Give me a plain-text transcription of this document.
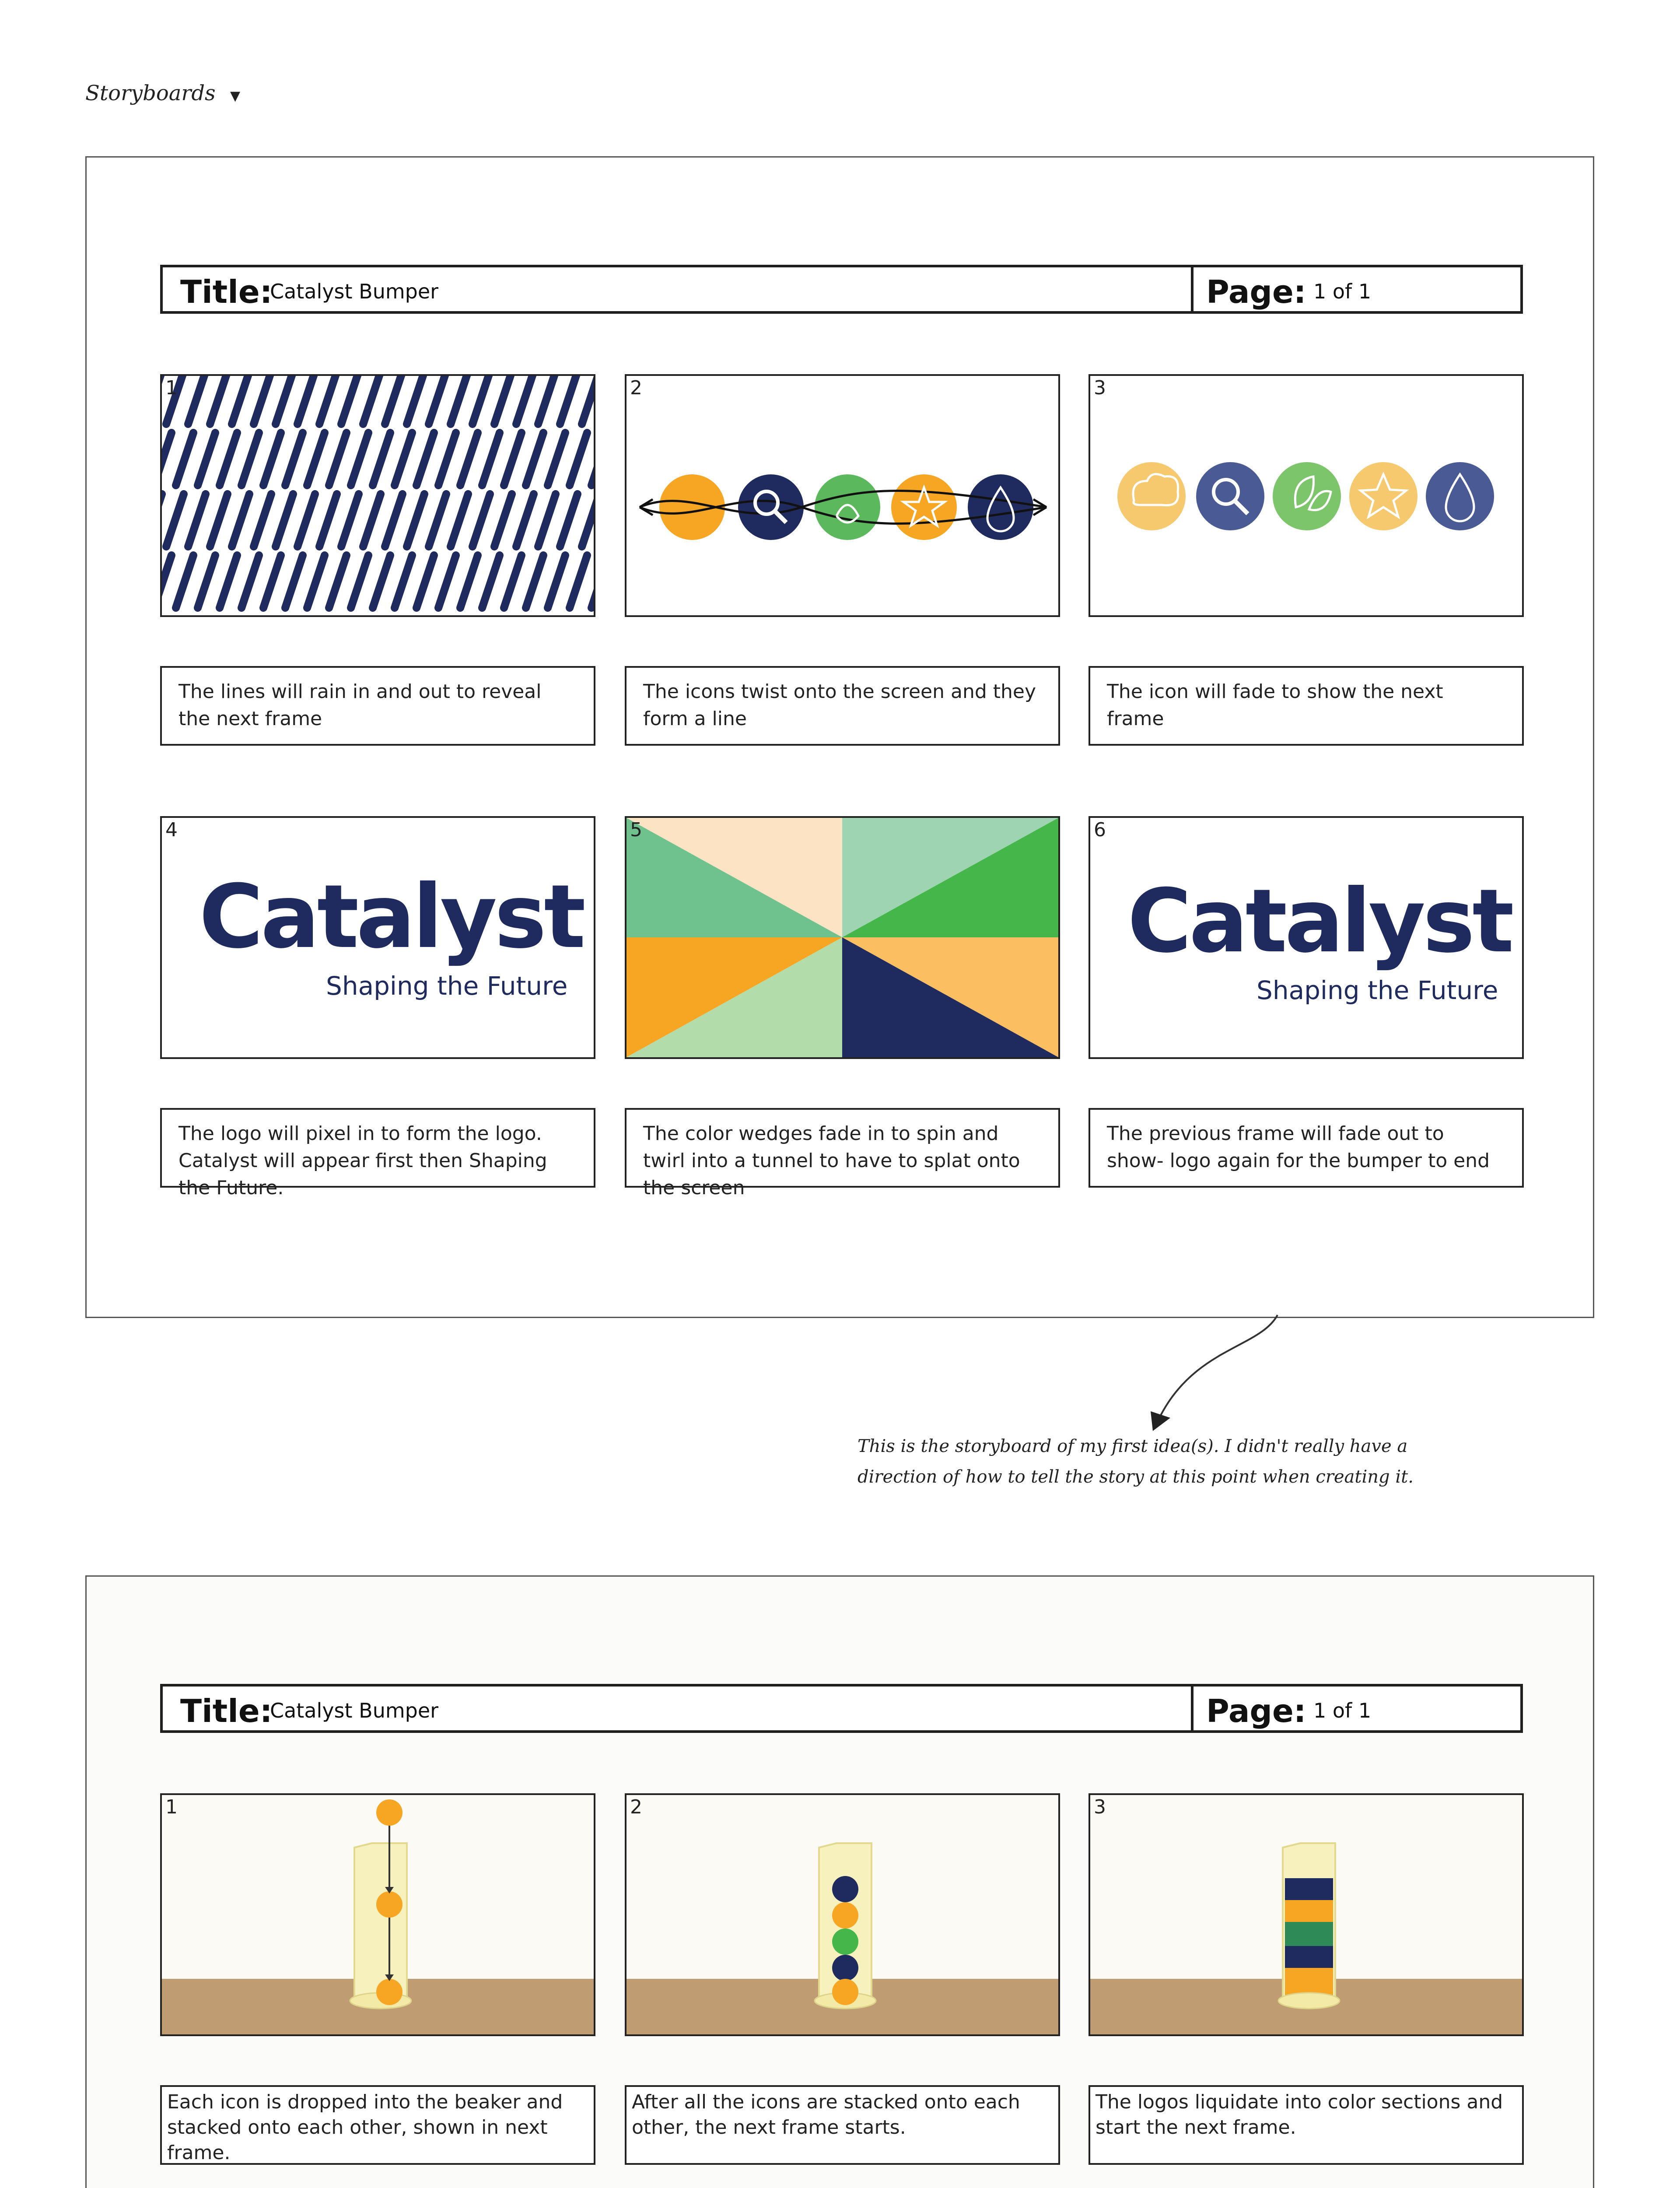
Storyboards ▼
Title:
Catalyst Bumper	Page: 1 of 1
1	2	3
The lines will rain in and out to reveal the next frame
The icons twist onto the screen and they form a line
The icon will fade to show the next frame
4
Catalyst
Shaping the Future
5	6
Catalyst
Shaping the Future
The logo will pixel in to form the logo. Catalyst will appear first then Shaping the Future.
The color wedges fade in to spin and twirl into a tunnel to have to splat onto the screen
The previous frame will fade out to show- logo again for the bumper to end
This is the storyboard of my first idea(s). I didn't really have a
direction of how to tell the story at this point when creating it.
Title:
Catalyst Bumper	Page: 1 of 1
1	2	3
Each icon is dropped into the beaker and stacked onto each other, shown in next frame.
After all the icons are stacked onto each other, the next frame starts.
The logos liquidate into color sections and start the next frame.
